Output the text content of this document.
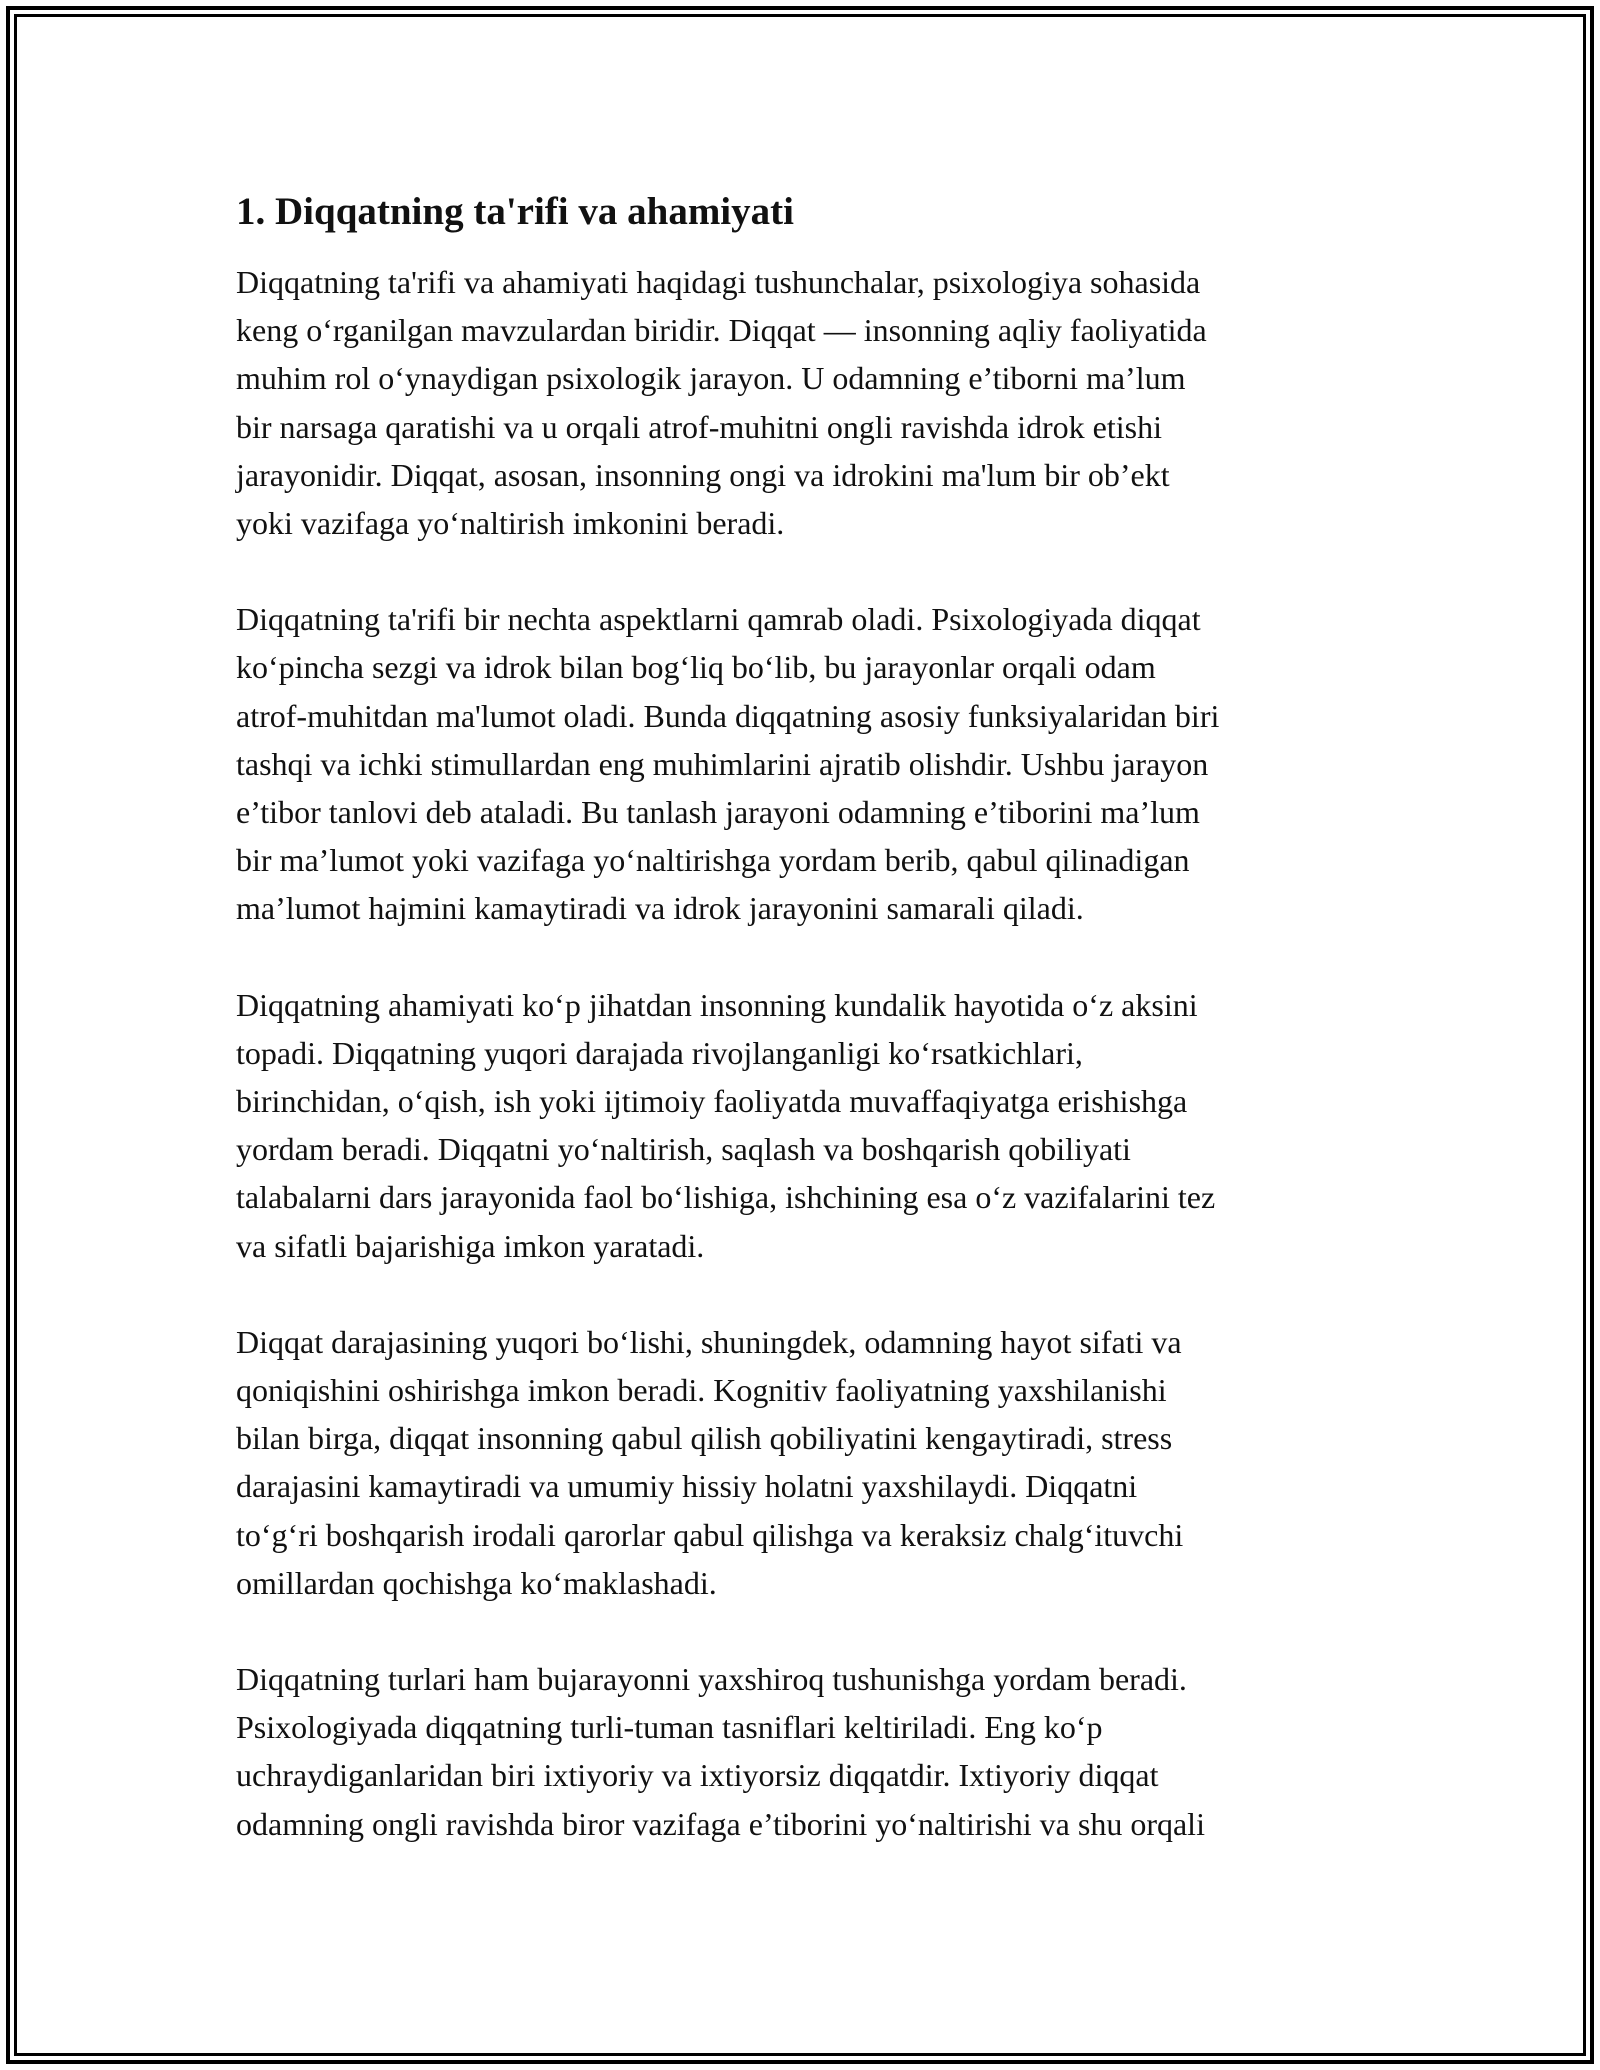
1. Diqqatning ta'rifi va ahamiyati

Diqqatning ta'rifi va ahamiyati haqidagi tushunchalar, psixologiya sohasida
keng o‘rganilgan mavzulardan biridir. Diqqat — insonning aqliy faoliyatida
muhim rol o‘ynaydigan psixologik jarayon. U odamning e’tiborni ma’lum
bir narsaga qaratishi va u orqali atrof-muhitni ongli ravishda idrok etishi
jarayonidir. Diqqat, asosan, insonning ongi va idrokini ma'lum bir ob’ekt
yoki vazifaga yo‘naltirish imkonini beradi.

Diqqatning ta'rifi bir nechta aspektlarni qamrab oladi. Psixologiyada diqqat
ko‘pincha sezgi va idrok bilan bog‘liq bo‘lib, bu jarayonlar orqali odam
atrof-muhitdan ma'lumot oladi. Bunda diqqatning asosiy funksiyalaridan biri
tashqi va ichki stimullardan eng muhimlarini ajratib olishdir. Ushbu jarayon
e’tibor tanlovi deb ataladi. Bu tanlash jarayoni odamning e’tiborini ma’lum
bir ma’lumot yoki vazifaga yo‘naltirishga yordam berib, qabul qilinadigan
ma’lumot hajmini kamaytiradi va idrok jarayonini samarali qiladi.

Diqqatning ahamiyati ko‘p jihatdan insonning kundalik hayotida o‘z aksini
topadi. Diqqatning yuqori darajada rivojlanganligi ko‘rsatkichlari,
birinchidan, o‘qish, ish yoki ijtimoiy faoliyatda muvaffaqiyatga erishishga
yordam beradi. Diqqatni yo‘naltirish, saqlash va boshqarish qobiliyati
talabalarni dars jarayonida faol bo‘lishiga, ishchining esa o‘z vazifalarini tez
va sifatli bajarishiga imkon yaratadi.

Diqqat darajasining yuqori bo‘lishi, shuningdek, odamning hayot sifati va
qoniqishini oshirishga imkon beradi. Kognitiv faoliyatning yaxshilanishi
bilan birga, diqqat insonning qabul qilish qobiliyatini kengaytiradi, stress
darajasini kamaytiradi va umumiy hissiy holatni yaxshilaydi. Diqqatni
to‘g‘ri boshqarish irodali qarorlar qabul qilishga va keraksiz chalg‘ituvchi
omillardan qochishga ko‘maklashadi.

Diqqatning turlari ham bujarayonni yaxshiroq tushunishga yordam beradi.
Psixologiyada diqqatning turli-tuman tasniflari keltiriladi. Eng ko‘p
uchraydiganlaridan biri ixtiyoriy va ixtiyorsiz diqqatdir. Ixtiyoriy diqqat
odamning ongli ravishda biror vazifaga e’tiborini yo‘naltirishi va shu orqali
